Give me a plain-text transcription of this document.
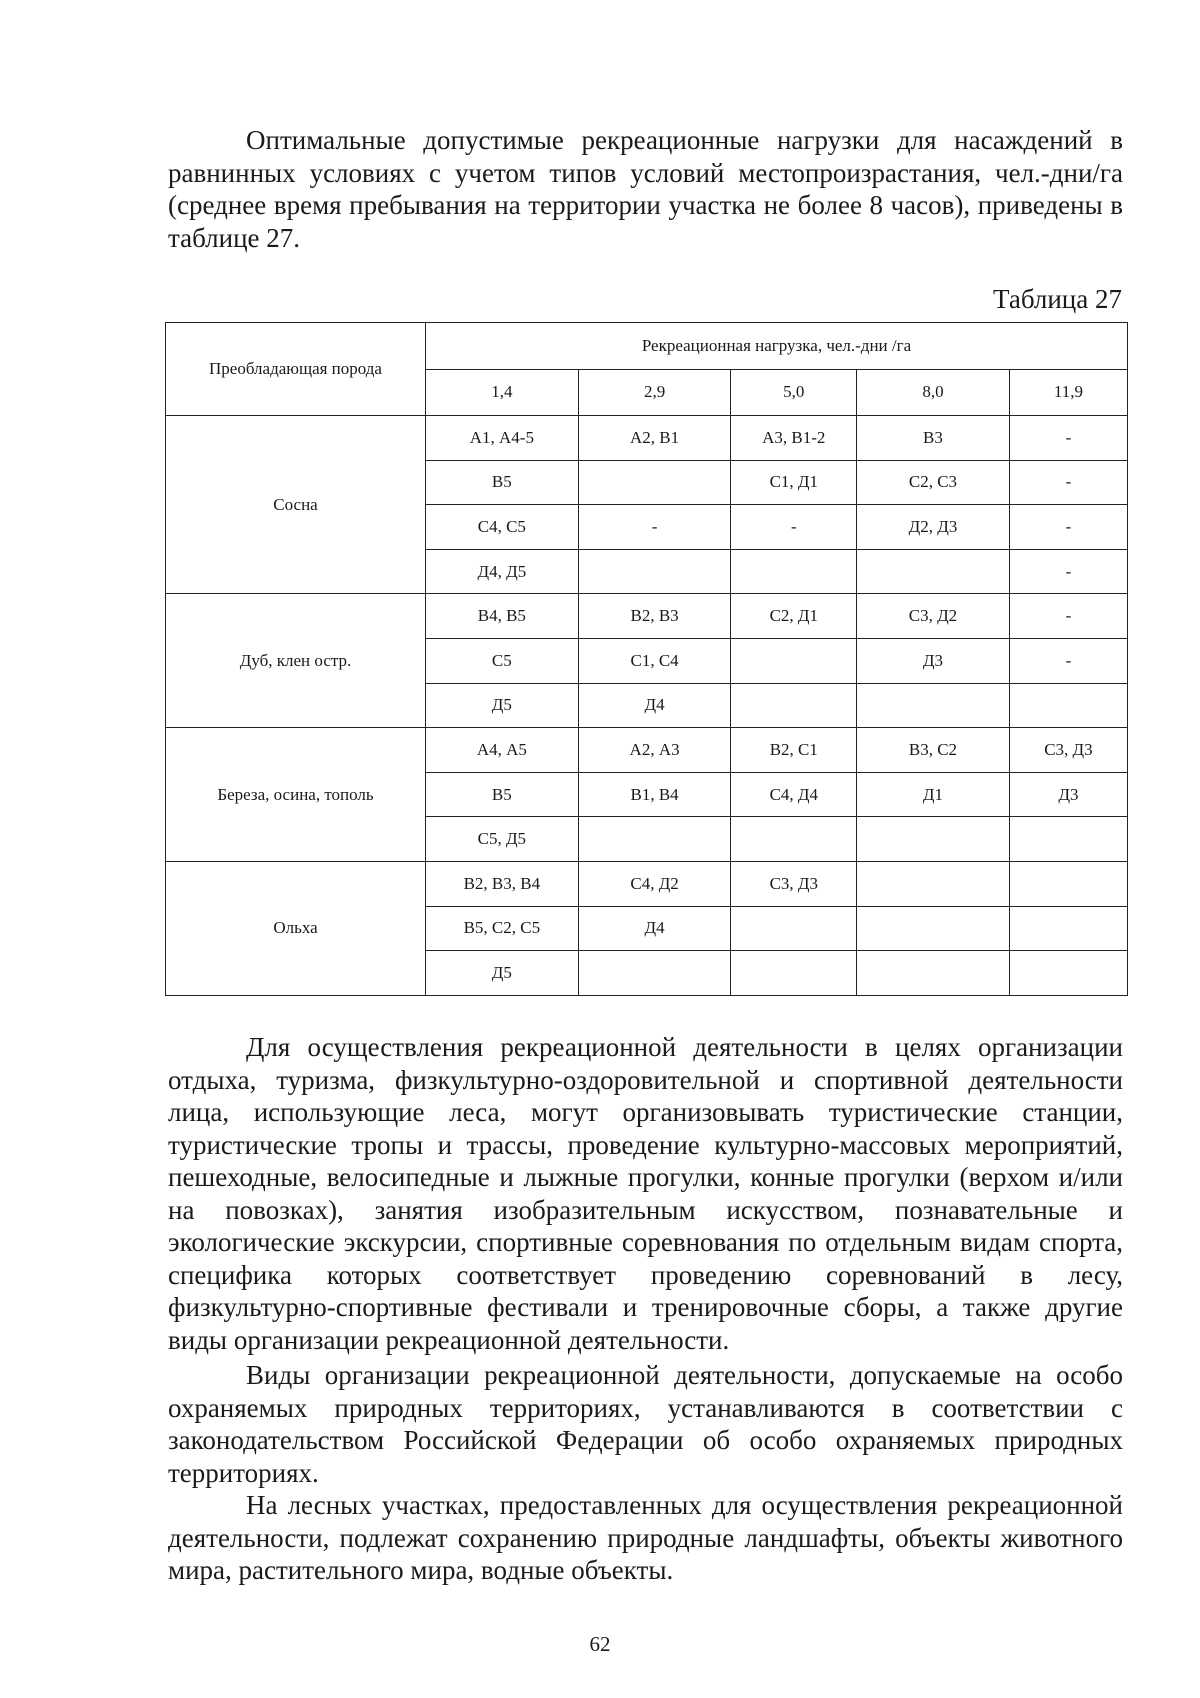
Оптимальные допустимые рекреационные нагрузки для насаждений в равнинных условиях с учетом типов условий местопроизрастания, чел.-дни/га (среднее время пребывания на территории участка не более 8 часов), приведены в таблице 27.

Таблица 27
Преобладающая порода	Рекреационная нагрузка, чел.-дни /га				
	1,4	2,9	5,0	8,0	11,9
Сосна	А1, А4-5	А2, В1	А3, В1-2	В3	-
	В5		С1, Д1	С2, С3	-
	С4, С5	-	-	Д2, Д3	-
	Д4, Д5				-
Дуб, клен остр.	В4, В5	В2, В3	С2, Д1	С3, Д2	-
	С5	С1, С4		Д3	-
	Д5	Д4			
Береза, осина, тополь	А4, А5	А2, А3	В2, С1	В3, С2	С3, Д3
	В5	В1, В4	С4, Д4	Д1	Д3
	С5, Д5				
Ольха	В2, В3, В4	С4, Д2	С3, Д3		
	В5, С2, С5	Д4			
	Д5				

Для осуществления рекреационной деятельности в целях организации отдыха, туризма, физкультурно-оздоровительной и спортивной деятельности лица, использующие леса, могут организовывать туристические станции, туристические тропы и трассы, проведение культурно-массовых мероприятий, пешеходные, велосипедные и лыжные прогулки, конные прогулки (верхом и/или на повозках), занятия изобразительным искусством, познавательные и экологические экскурсии, спортивные соревнования по отдельным видам спорта, специфика которых соответствует проведению соревнований в лесу, физкультурно-спортивные фестивали и тренировочные сборы, а также другие виды организации рекреационной деятельности.

Виды организации рекреационной деятельности, допускаемые на особо охраняемых природных территориях, устанавливаются в соответствии с законодательством Российской Федерации об особо охраняемых природных территориях.

На лесных участках, предоставленных для осуществления рекреационной деятельности, подлежат сохранению природные ландшафты, объекты животного мира, растительного мира, водные объекты.

62
